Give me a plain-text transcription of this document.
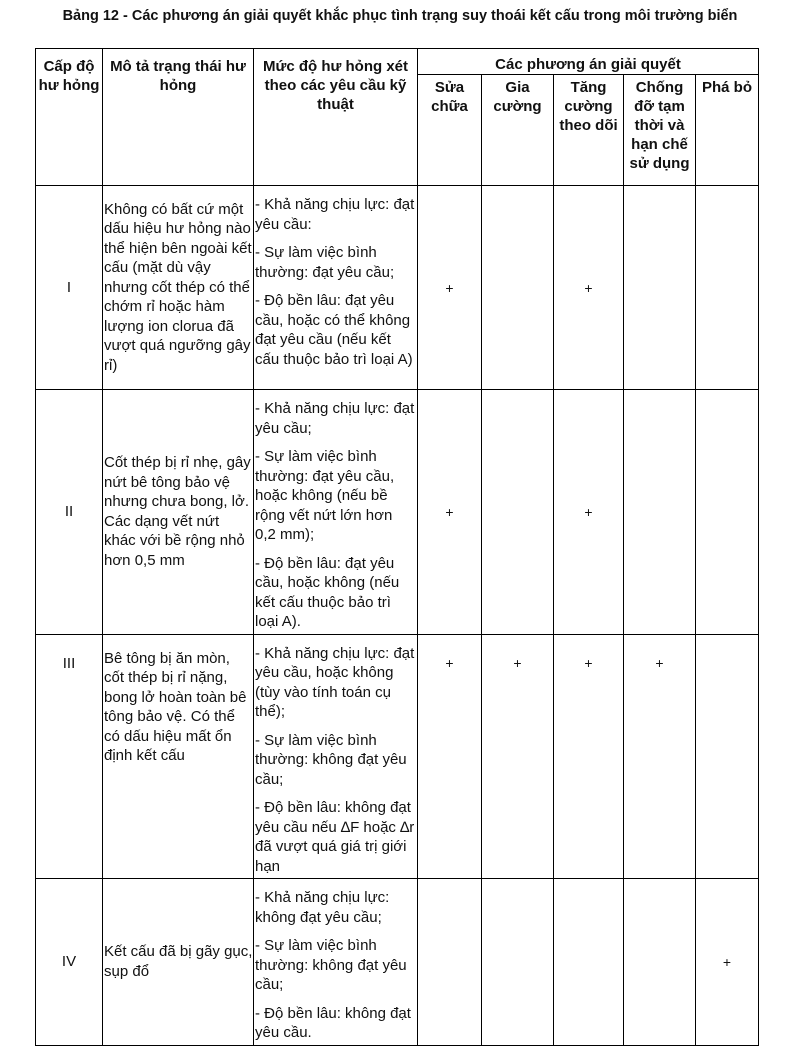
Bảng 12 - Các phương án giải quyết khắc phục tình trạng suy thoái kết cấu trong môi trường biển
Cấp độ hư hỏng	Mô tả trạng thái hư hỏng	Mức độ hư hỏng xét theo các yêu cầu kỹ thuật	Các phương án giải quyết				
			Sửa chữa	Gia cường	Tăng cường theo dõi	Chống đỡ tạm thời và hạn chế sử dụng	Phá bỏ
I	Không có bất cứ một dấu hiệu hư hỏng nào thể hiện bên ngoài kết cấu (mặt dù vậy nhưng cốt thép có thể chớm rỉ hoặc hàm lượng ion clorua đã vượt quá ngưỡng gây rỉ)	- Khả năng chịu lực: đạt yêu cầu:

- Sự làm việc bình thường: đạt yêu cầu;

- Độ bền lâu: đạt yêu cầu, hoặc có thể không đạt yêu cầu (nếu kết cấu thuộc bảo trì loại A)	+		+		
II	Cốt thép bị rỉ nhẹ, gây nứt bê tông bảo vệ nhưng chưa bong, lở. Các dạng vết nứt khác với bề rộng nhỏ hơn 0,5 mm	- Khả năng chịu lực: đạt yêu cầu;

- Sự làm việc bình thường: đạt yêu cầu, hoặc không (nếu bề rộng vết nứt lớn hơn 0,2 mm);

- Độ bền lâu: đạt yêu cầu, hoặc không (nếu kết cấu thuộc bảo trì loại A).	+		+		
III	Bê tông bị ăn mòn, cốt thép bị rỉ nặng, bong lở hoàn toàn bê tông bảo vệ. Có thể có dấu hiệu mất ổn định kết cấu	- Khả năng chịu lực: đạt yêu cầu, hoặc không (tùy vào tính toán cụ thể);

- Sự làm việc bình thường: không đạt yêu cầu;

- Độ bền lâu: không đạt yêu cầu nếu ∆F hoặc ∆r đã vượt quá giá trị giới hạn	+	+	+	+	
IV	Kết cấu đã bị gãy gục, sụp đổ	- Khả năng chịu lực: không đạt yêu cầu;

- Sự làm việc bình thường: không đạt yêu cầu;

- Độ bền lâu: không đạt yêu cầu.					+
